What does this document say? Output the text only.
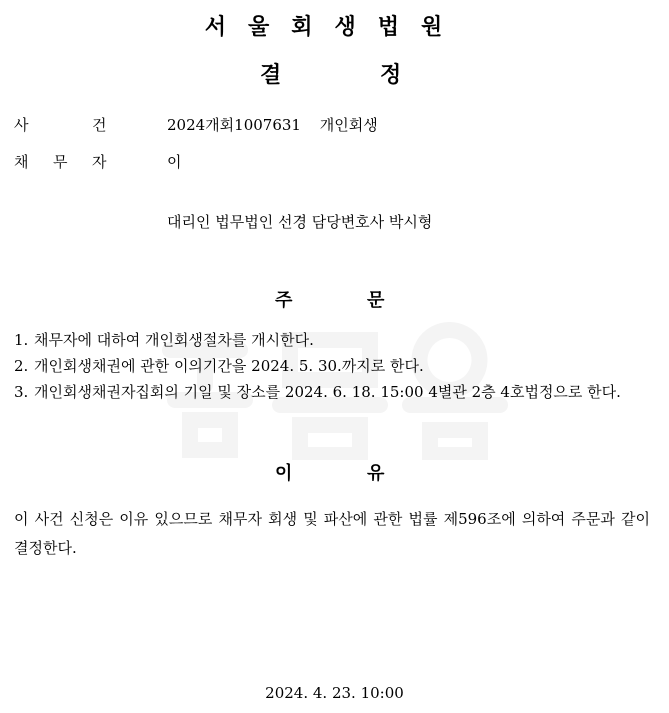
서울회생법원
결	정
사	건	2024개회1007631 개인회생
채 무 자	이
대리인 법무법인 선경 담당변호사 박시형
주	문
1. 채무자에 대하여 개인회생절차를 개시한다.
2. 개인회생채권에 관한 이의기간을 2024. 5. 30.까지로 한다.
3. 개인회생채권자집회의 기일 및 장소를 2024. 6. 18. 15:00 4별관 2층 4호법정으로 한다.
이	유
이 사건 신청은 이유 있으므로 채무자 회생 및 파산에 관한 법률 제596조에 의하여 주문과 같이 결정한다.
2024. 4. 23. 10:00
